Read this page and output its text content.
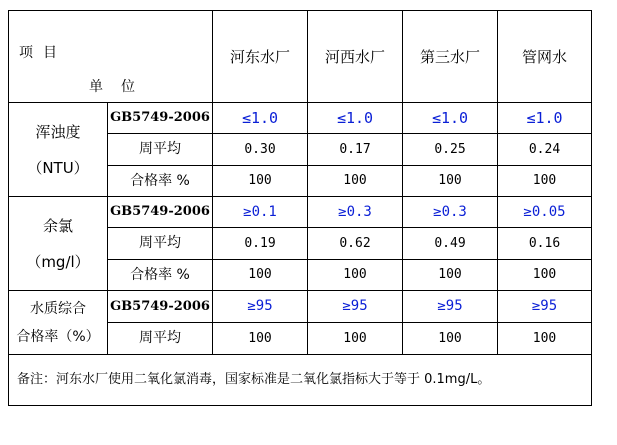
项目
单位		河东水厂	河西水厂	第三水厂	管网水
浑浊度
（NTU）	GB5749-2006	≤1.0	≤1.0	≤1.0	≤1.0
	周平均	0.30	0.17	0.25	0.24
	合格率 %	100	100	100	100
余氯
（mg/l）	GB5749-2006	≥0.1	≥0.3	≥0.3	≥0.05
	周平均	0.19	0.62	0.49	0.16
	合格率 %	100	100	100	100
水质综合
合格率（%）	GB5749-2006	≥95	≥95	≥95	≥95
	周平均	100	100	100	100
备注：河东水厂使用二氧化氯消毒，国家标准是二氧化氯指标大于等于 0.1mg/L。					
